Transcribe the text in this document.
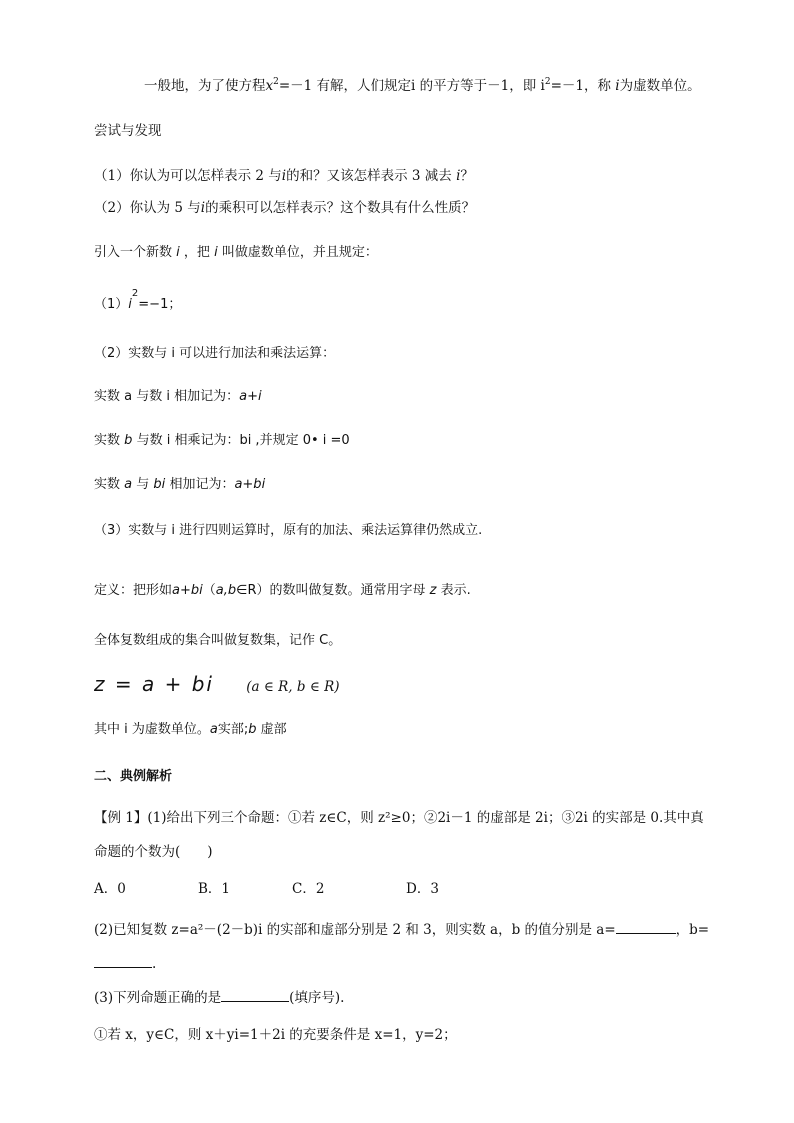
一般地，为了使方程$x^2=-1$ 有解，人们规定i 的平方等于－1，即 $i^2=-1$，称 i为虚数单位。
尝试与发现
（1）你认为可以怎样表示 2 与i的和？又该怎样表示 3 减去 i？
（2）你认为 5 与i的乘积可以怎样表示？这个数具有什么性质？
引入一个新数 i ，把 i 叫做虚数单位，并且规定：
$(1)i^2=-1$；
（2）实数与 i 可以进行加法和乘法运算：
实数 a 与数 i 相加记为：a+i
实数 b 与数 i 相乘记为：bi ,并规定 0• i =0
实数 a 与 bi 相加记为：a+bi
（3）实数与 i 进行四则运算时，原有的加法、乘法运算律仍然成立.
定义：把形如a+bi（a,b∈R）的数叫做复数。通常用字母 z 表示.
全体复数组成的集合叫做复数集，记作 C。
z = a + bi (a ∈ R, b ∈ R)
其中 i 为虚数单位。a实部;b 虚部
二、典例解析
【例 1】(1)给出下列三个命题：①若 z∈C，则 z²≥0；②2i－1 的虚部是 2i；③2i 的实部是 0.其中真
命题的个数为(　　)
A．0	B．1	C．2	D．3
(2)已知复数 z=a²－(2－b)i 的实部和虚部分别是 2 和 3，则实数 a，b 的值分别是 a=	，b=
.
(3)下列命题正确的是	(填序号).
①若 x，y∈C，则 x＋yi=1＋2i 的充要条件是 x=1，y=2；
